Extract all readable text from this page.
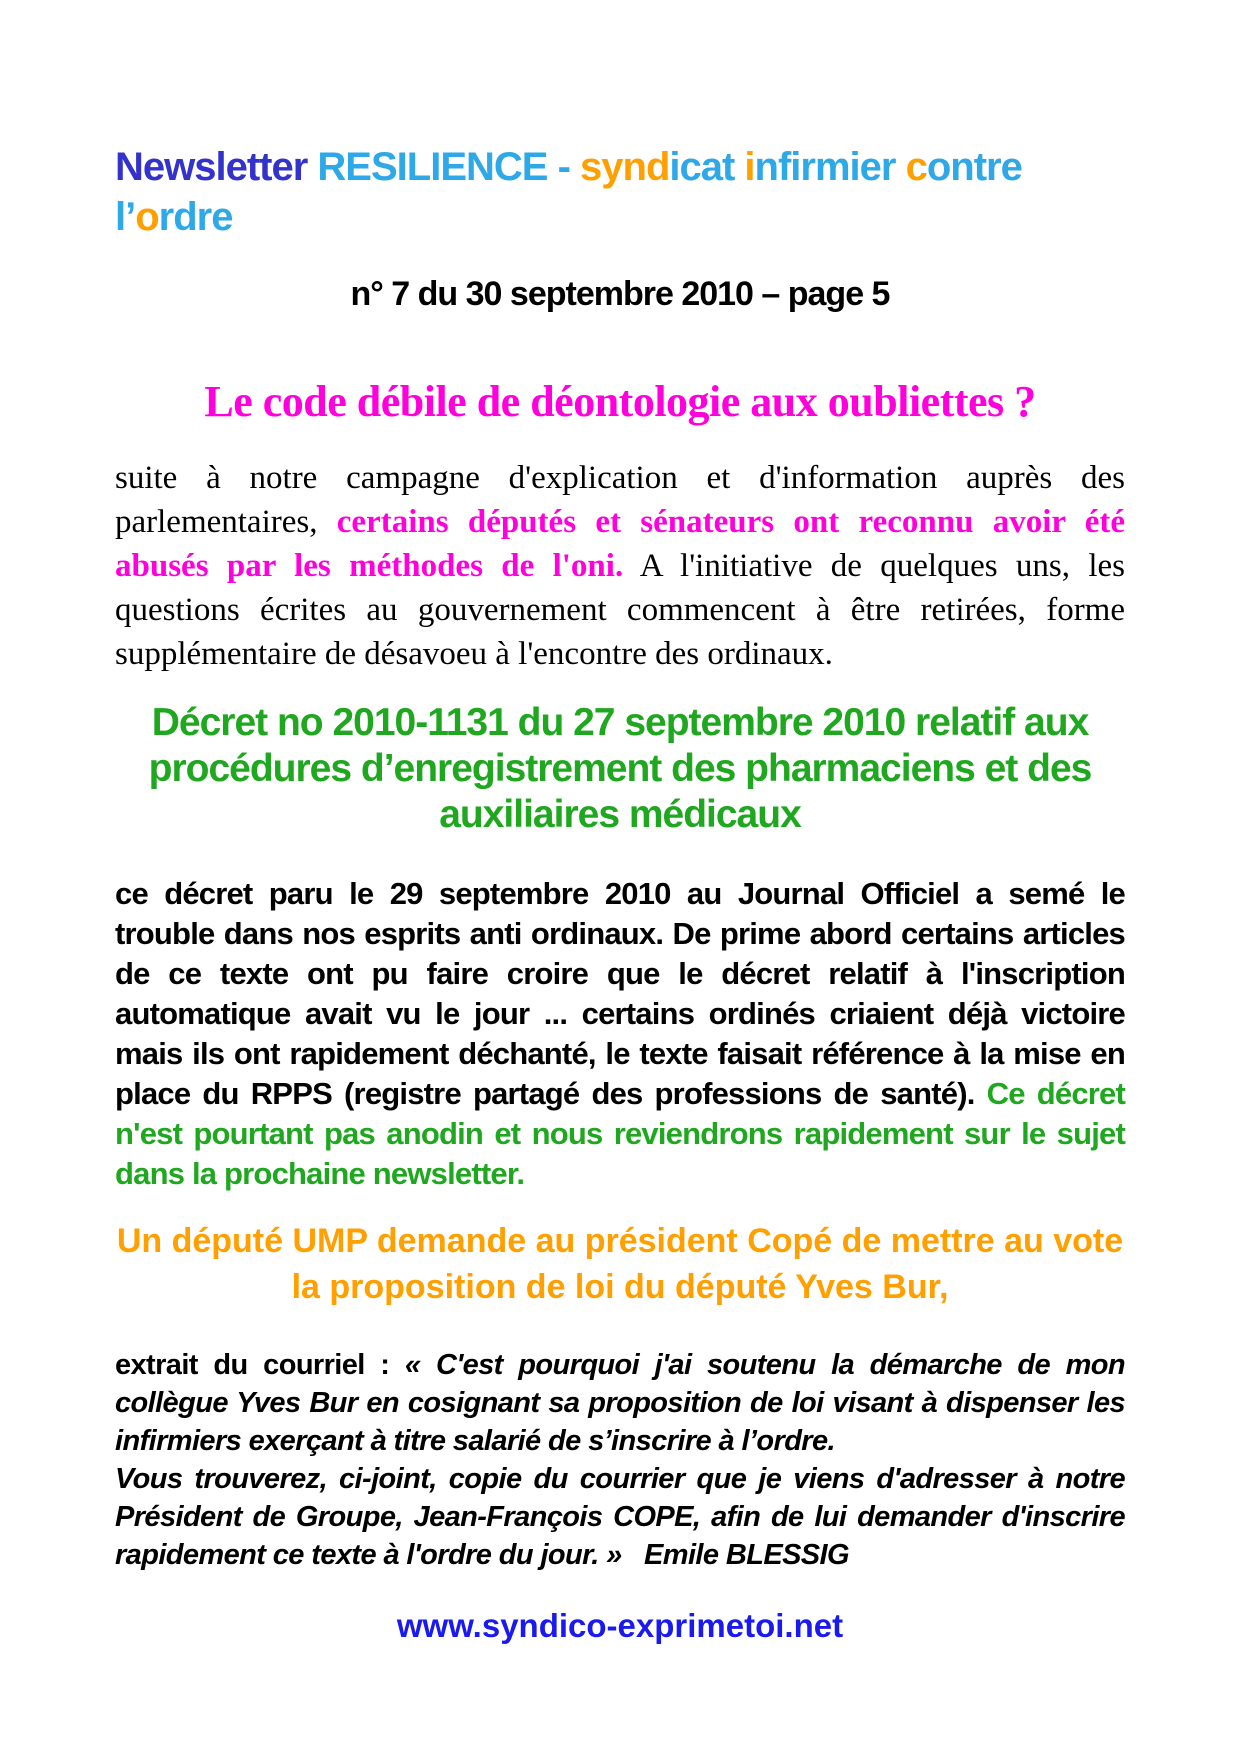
Newsletter RESILIENCE - syndicat infirmier contre l’ordre
n° 7 du 30 septembre 2010 – page 5
Le code débile de déontologie aux oubliettes ?
suite à notre campagne d'explication et d'information auprès des parlementaires, certains députés et sénateurs ont reconnu avoir été abusés par les méthodes de l'oni. A l'initiative de quelques uns, les questions écrites au gouvernement commencent à être retirées, forme supplémentaire de désavoeu à l'encontre des ordinaux.
Décret no 2010-1131 du 27 septembre 2010 relatif aux procédures d’enregistrement des pharmaciens et des auxiliaires médicaux
ce décret paru le 29 septembre 2010 au Journal Officiel a semé le trouble dans nos esprits anti ordinaux. De prime abord certains articles de ce texte ont pu faire croire que le décret relatif à l'inscription automatique avait vu le jour ... certains ordinés criaient déjà victoire mais ils ont rapidement déchanté, le texte faisait référence à la mise en place du RPPS (registre partagé des professions de santé). Ce décret n'est pourtant pas anodin et nous reviendrons rapidement sur le sujet dans la prochaine newsletter.
Un député UMP demande au président Copé de mettre au vote la proposition de loi du député Yves Bur,
extrait du courriel : « C'est pourquoi j'ai soutenu la démarche de mon collègue Yves Bur en cosignant sa proposition de loi visant à dispenser les infirmiers exerçant à titre salarié de s’inscrire à l’ordre.
Vous trouverez, ci-joint, copie du courrier que je viens d'adresser à notre Président de Groupe, Jean-François COPE, afin de lui demander d'inscrire rapidement ce texte à l'ordre du jour. »   Emile BLESSIG
www.syndico-exprimetoi.net
